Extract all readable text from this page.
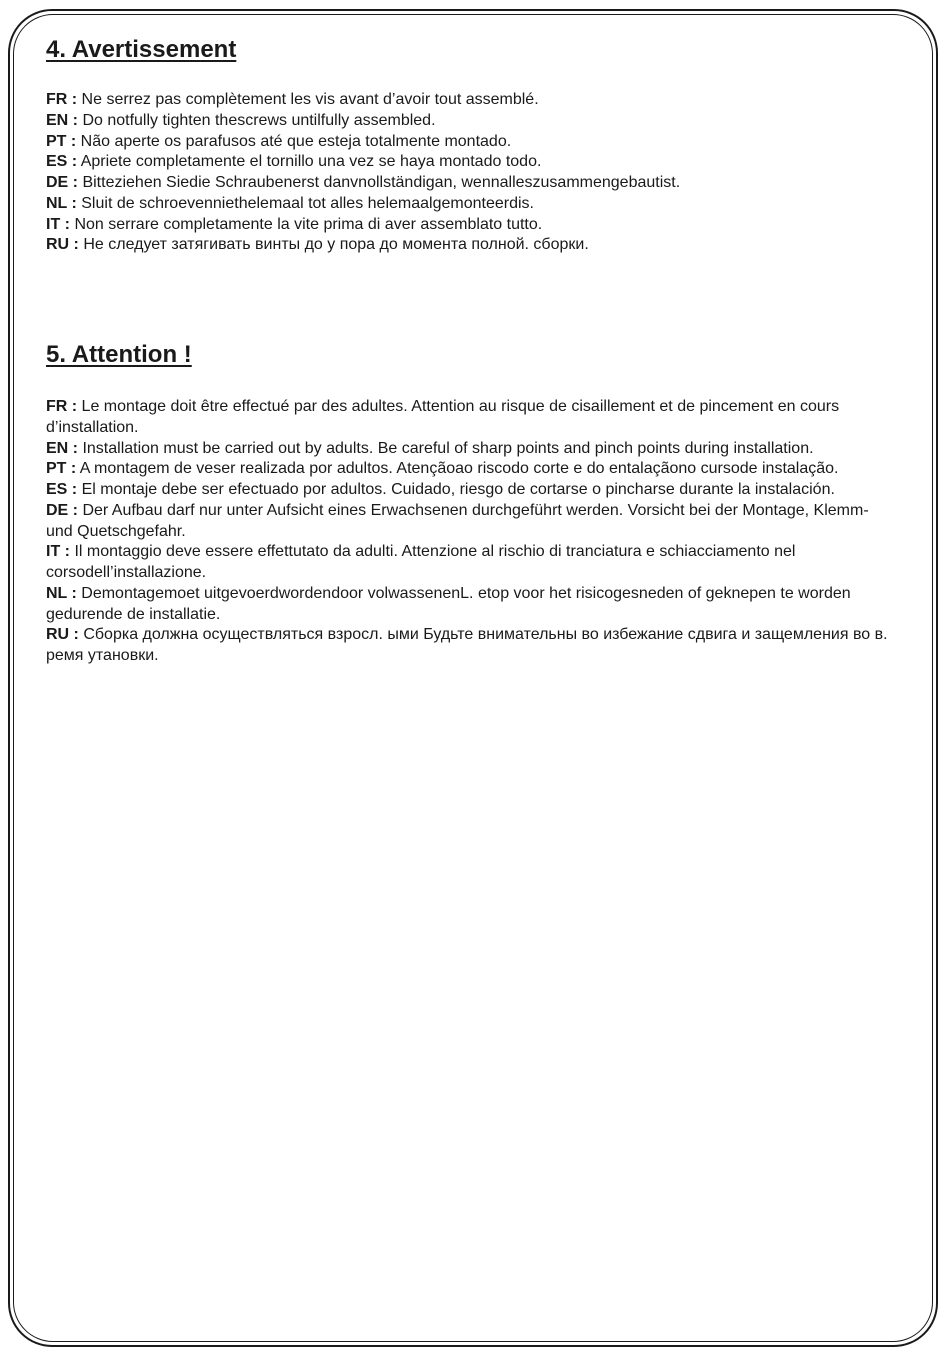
4. Avertissement
FR : Ne serrez pas complètement les vis avant d’avoir tout assemblé.
EN : Do notfully tighten thescrews untilfully assembled.
PT : Não aperte os parafusos até que esteja totalmente montado.
ES : Apriete completamente el tornillo una vez se haya montado todo.
DE : Bitteziehen Siedie Schraubenerst danvnollständigan, wennalleszusammengebautist.
NL : Sluit de schroevenniethelemaal tot alles helemaalgemonteerdis.
IT : Non serrare completamente la vite prima di aver assemblato tutto.
RU : Не следует затягивать винты до у пора до момента полной. сборки.
5. Attention !
FR : Le montage doit être effectué par des adultes. Attention au risque de cisaillement et de pincement en cours d’installation.
EN : Installation must be carried out by adults. Be careful of sharp points and pinch points during installation.
PT : A montagem de veser realizada por adultos. Atençãoao riscodo corte e do entalaçãono cursode instalação.
ES : El montaje debe ser efectuado por adultos. Cuidado, riesgo de cortarse o pincharse durante la instalación.
DE : Der Aufbau darf nur unter Aufsicht eines Erwachsenen durchgeführt werden. Vorsicht bei der Montage, Klemm-und Quetschgefahr.
IT : Il montaggio deve essere effettutato da adulti. Attenzione al rischio di tranciatura e schiacciamento nel corsodell’installazione.
NL : Demontagemoet uitgevoerdwordendoor volwassenenL. etop voor het risicogesneden of geknepen te worden gedurende de installatie.
RU : Сборка должна осуществляться взросл. ыми Будьте внимательны во избежание сдвига и защемления во в. ремя утановки.
